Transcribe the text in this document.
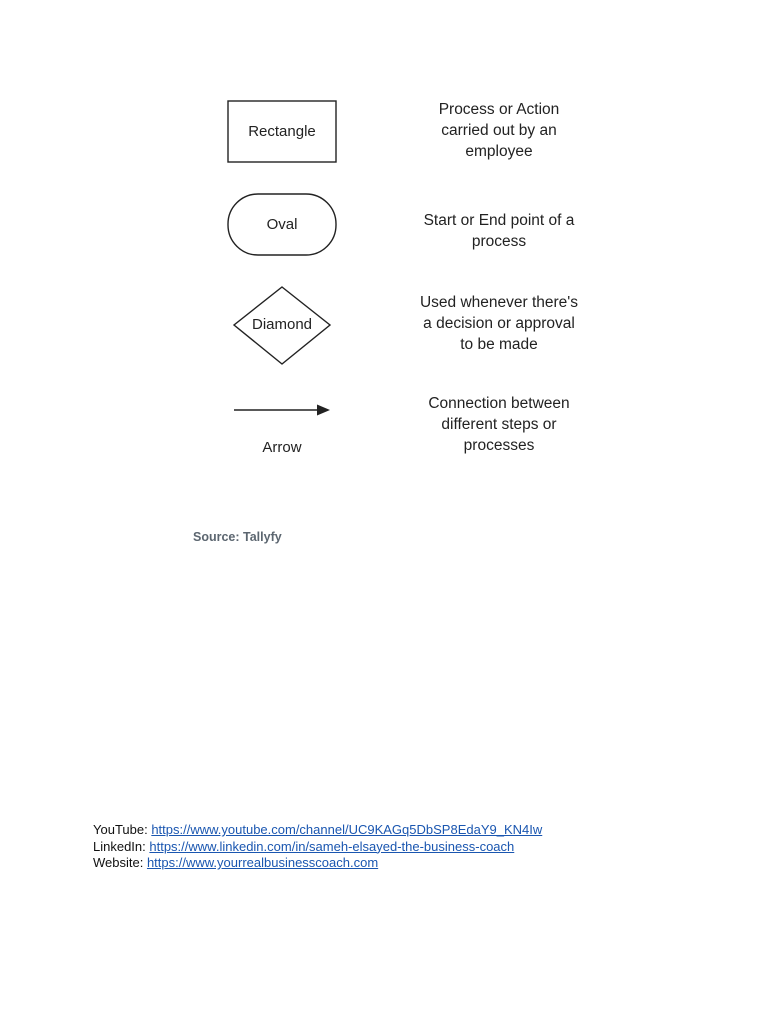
Rectangle
Oval
Diamond
Arrow
Process or Action
carried out by an
employee
Start or End point of a
process
Used whenever there's
a decision or approval
to be made
Connection between
different steps or
processes
Source: Tallyfy
YouTube: https://www.youtube.com/channel/UC9KAGq5DbSP8EdaY9_KN4Iw
LinkedIn: https://www.linkedin.com/in/sameh-elsayed-the-business-coach
Website: https://www.yourrealbusinesscoach.com
